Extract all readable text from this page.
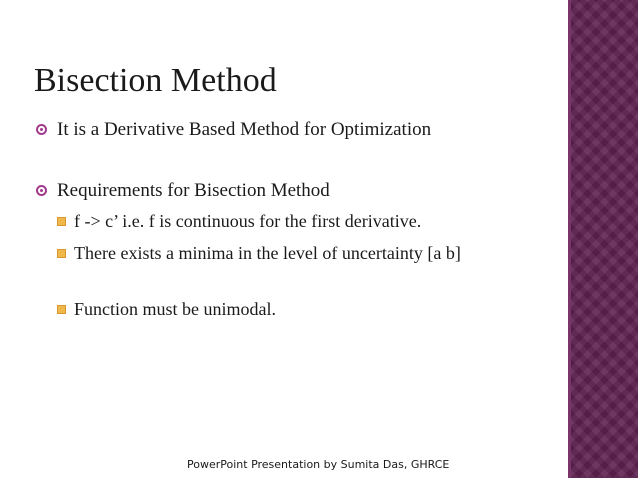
Bisection Method
It is a Derivative Based Method for Optimization
Requirements for Bisection Method
f -> c’ i.e. f is continuous for the first derivative.
There exists a minima in the level of uncertainty [a b]
Function must be unimodal.
PowerPoint Presentation by Sumita Das, GHRCE
